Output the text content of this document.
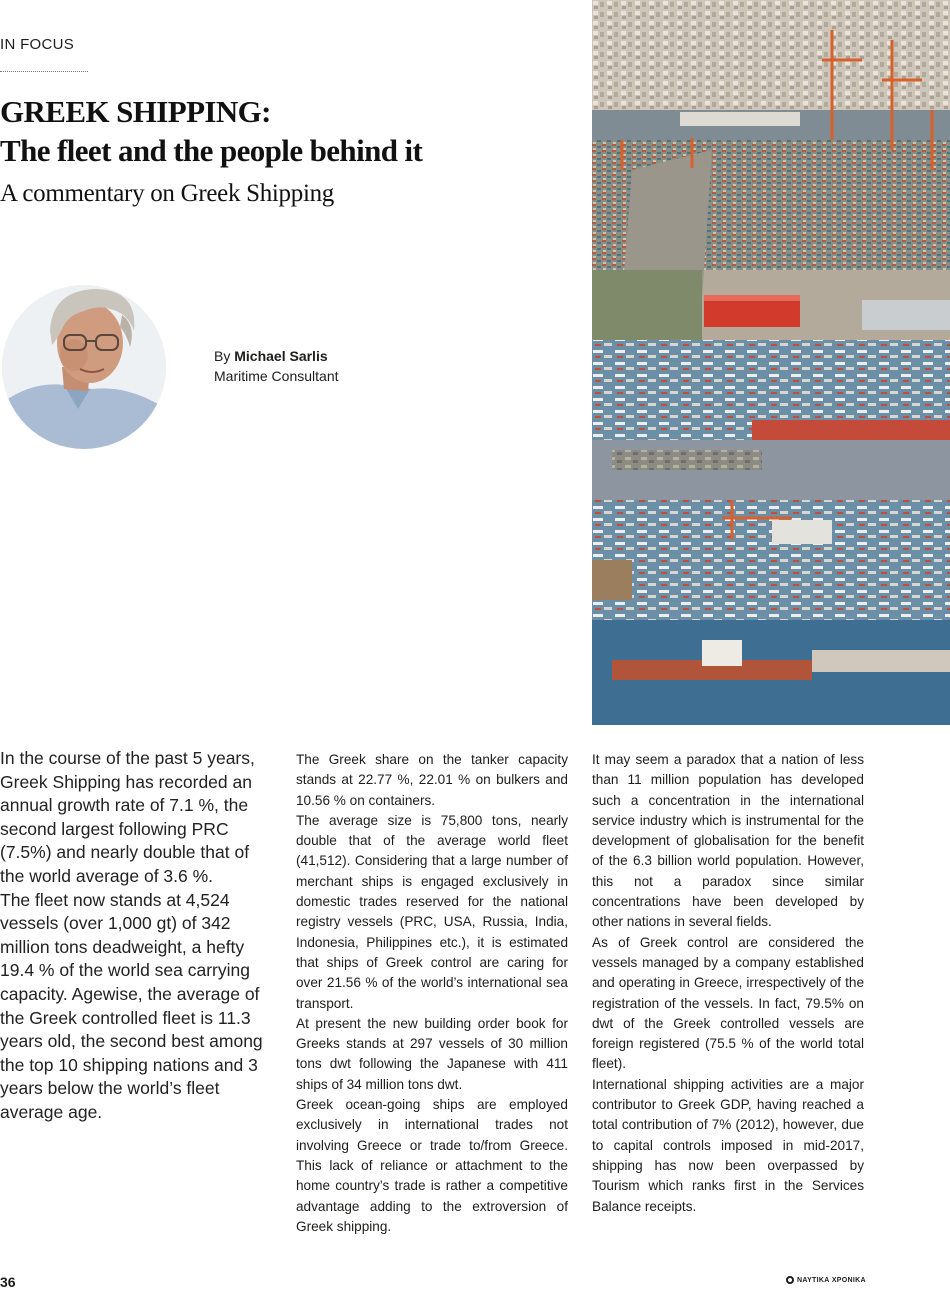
IN FOCUS
GREEK SHIPPING:
The fleet and the people behind it
A commentary on Greek Shipping
By Michael Sarlis
Maritime Consultant

In the course of the past 5 years, Greek Shipping has recorded an annual growth rate of 7.1 %, the second largest following PRC (7.5%) and nearly double that of the world average of 3.6 %.

The fleet now stands at 4,524 vessels (over 1,000 gt) of 342 million tons deadweight, a hefty 19.4 % of the world sea carrying capacity. Agewise, the average of the Greek controlled fleet is 11.3 years old, the second best among the top 10 shipping nations and 3 years below the world’s fleet average age.

The Greek share on the tanker capacity stands at 22.77 %, 22.01 % on bulkers and 10.56 % on containers.

The average size is 75,800 tons, nearly double that of the average world fleet (41,512). Considering that a large number of merchant ships is engaged exclusively in domestic trades reserved for the national registry vessels (PRC, USA, Russia, India, Indonesia, Philippines etc.), it is estimated that ships of Greek control are caring for over 21.56 % of the world’s international sea transport.

At present the new building order book for Greeks stands at 297 vessels of 30 million tons dwt following the Japanese with 411 ships of 34 million tons dwt.

Greek ocean-going ships are employed exclusively in international trades not involving Greece or trade to/from Greece. This lack of reliance or attachment to the home country’s trade is rather a competitive advantage adding to the extroversion of Greek shipping.

It may seem a paradox that a nation of less than 11 million population has developed such a concentration in the international service industry which is instrumental for the development of globalisation for the benefit of the 6.3 billion world population. However, this not a paradox since similar concentrations have been developed by other nations in several fields.

As of Greek control are considered the vessels managed by a company established and operating in Greece, irrespectively of the registration of the vessels. In fact, 79.5% on dwt of the Greek controlled vessels are foreign registered (75.5 % of the world total fleet).

International shipping activities are a major contributor to Greek GDP, having reached a total contribution of 7% (2012), however, due to capital controls imposed in mid-2017, shipping has now been overpassed by Tourism which ranks first in the Services Balance receipts.

36	ΝΑΥΤΙΚΑ ΧΡΟΝΙΚΑ
